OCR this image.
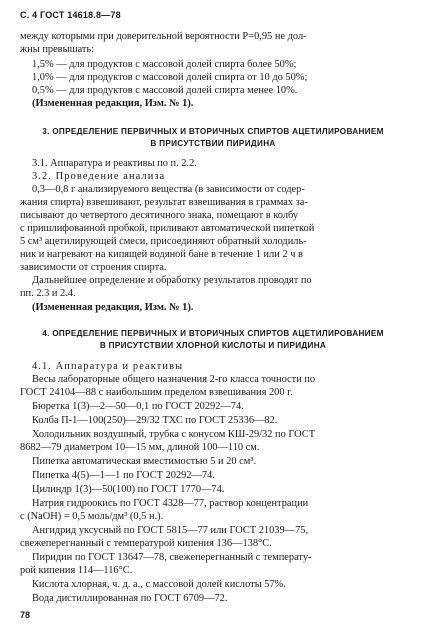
С. 4 ГОСТ 14618.8—78
между которыми при доверительной вероятности P=0,95 не дол-
жны превышать:
1,5% — для продуктов с массовой долей спирта более 50%;
1,0% — для продуктов с массовой долей спирта от 10 до 50%;
0,5% — для продуктов с массовой долей спирта менее 10%.
(Измененная редакция, Изм. № 1).
3. ОПРЕДЕЛЕНИЕ ПЕРВИЧНЫХ И ВТОРИЧНЫХ СПИРТОВ АЦЕТИЛИРОВАНИЕМ
В ПРИСУТСТВИИ ПИРИДИНА
3.1. Аппаратура и реактивы по п. 2.2.
3.2. Проведение анализа
0,3—0,8 г анализируемого вещества (в зависимости от содер-
жания спирта) взвешивают, результат взвешивания в граммах за-
писывают до четвертого десятичного знака, помещают в колбу
с пришлифованной пробкой, приливают автоматической пипеткой
5 см³ ацетилирующей смеси, присоединяют обратный холодиль-
ник и нагревают на кипящей водяной бане в течение 1 или 2 ч в
зависимости от строения спирта.
Дальнейшее определение и обработку результатов проводят по
пп. 2.3 и 2.4.
(Измененная редакция, Изм. № 1).
4. ОПРЕДЕЛЕНИЕ ПЕРВИЧНЫХ И ВТОРИЧНЫХ СПИРТОВ АЦЕТИЛИРОВАНИЕМ
В ПРИСУТСТВИИ ХЛОРНОЙ КИСЛОТЫ И ПИРИДИНА
4.1. Аппаратура и реактивы
Весы лабораторные общего назначения 2-го класса точности по
ГОСТ 24104—88 с наибольшим пределом взвешивания 200 г.
Бюретка 1(3)—2—50—0,1 по ГОСТ 20292—74.
Колба П-1—100(250)—29/32 ТХС по ГОСТ 25336—82.
Холодильник воздушный, трубка с конусом КШ-29/32 по ГОСТ
8682—79 диаметром 10—15 мм, длиной 100—110 см.
Пипетка автоматическая вместимостью 5 и 20 см³.
Пипетка 4(5)—1—1 по ГОСТ 20292—74.
Цилиндр 1(3)—50(100) по ГОСТ 1770—74.
Натрия гидроокись по ГОСТ 4328—77, раствор концентрации
с (NaOH) = 0,5 моль/дм³ (0,5 н.).
Ангидрид уксусный по ГОСТ 5815—77 или ГОСТ 21039—75,
свежеперегнанный с температурой кипения 136—138°С.
Пиридин по ГОСТ 13647—78, свежеперегнанный с температу-
рой кипения 114—116°С.
Кислота хлорная, ч. д. а., с массовой долей кислоты 57%.
Вода дистиллированная по ГОСТ 6709—72.
78
